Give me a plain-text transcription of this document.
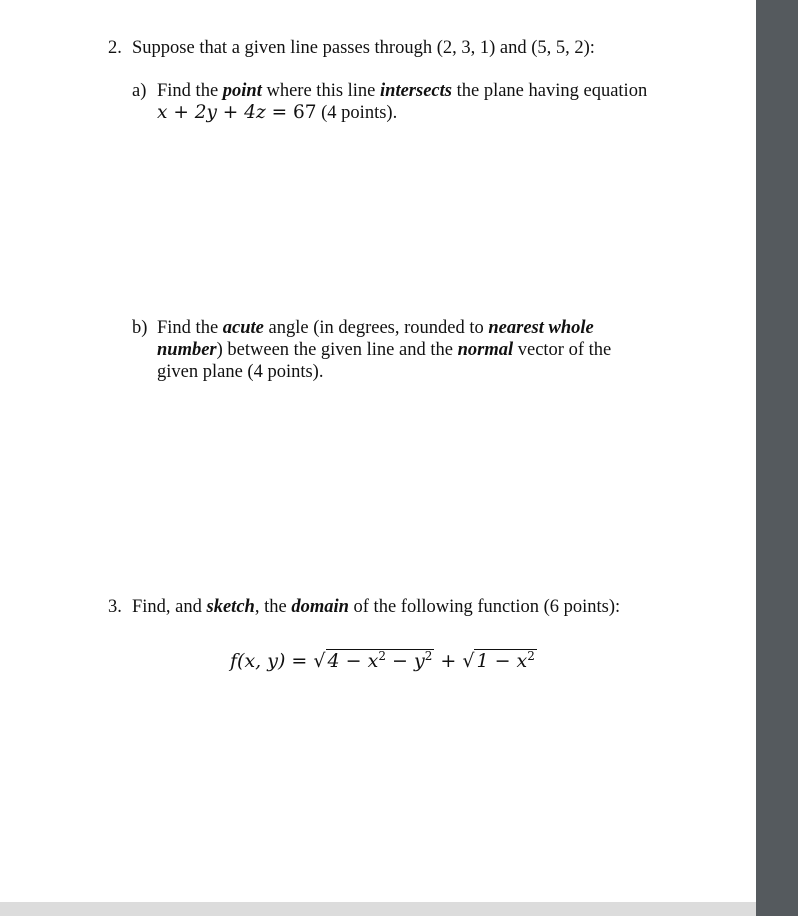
2. Suppose that a given line passes through (2, 3, 1) and (5, 5, 2):
a) Find the point where this line intersects the plane having equation
x + 2y + 4z = 67 (4 points).
b) Find the acute angle (in degrees, rounded to nearest whole
number) between the given line and the normal vector of the
given plane (4 points).
3. Find, and sketch, the domain of the following function (6 points):
f(x, y) = √ $4 - x^2 - y^2$ + √ $1 - x^2$
